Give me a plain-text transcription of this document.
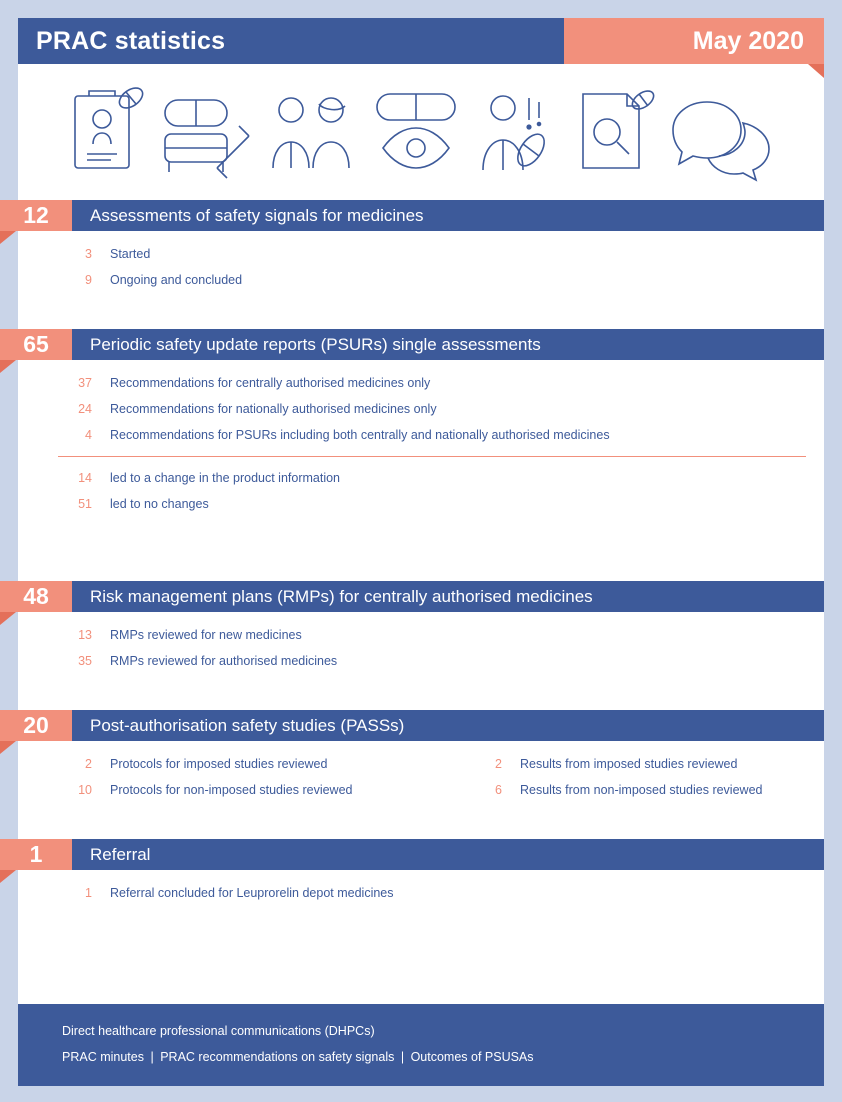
PRAC statistics	May 2020
12	Assessments of safety signals for medicines
3	Started
9	Ongoing and concluded
65	Periodic safety update reports (PSURs) single assessments
37	Recommendations for centrally authorised medicines only
24	Recommendations for nationally authorised medicines only
4	Recommendations for PSURs including both centrally and nationally authorised medicines
14	led to a change in the product information
51	led to no changes
48	Risk management plans (RMPs) for centrally authorised medicines
13	RMPs reviewed for new medicines
35	RMPs reviewed for authorised medicines
20	Post-authorisation safety studies (PASSs)
2	Protocols for imposed studies reviewed	2	Results from imposed studies reviewed
10	Protocols for non-imposed studies reviewed	6	Results from non-imposed studies reviewed
1	Referral
1	Referral concluded for Leuprorelin depot medicines
Direct healthcare professional communications (DHPCs)
PRAC minutes | PRAC recommendations on safety signals | Outcomes of PSUSAs
